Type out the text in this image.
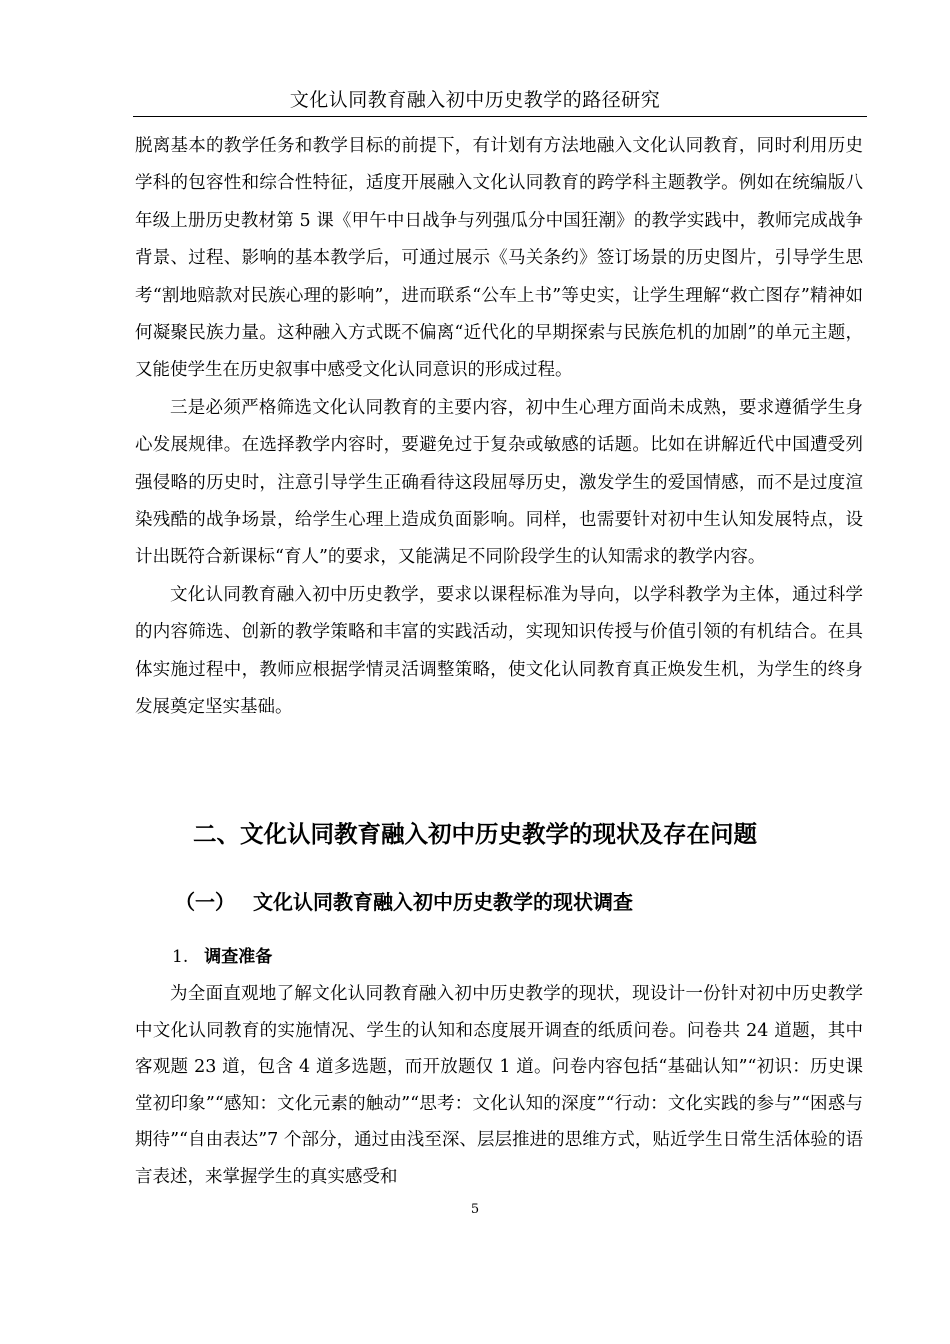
文化认同教育融入初中历史教学的路径研究

脱离基本的教学任务和教学目标的前提下，有计划有方法地融入文化认同教育，同时利用历史学科的包容性和综合性特征，适度开展融入文化认同教育的跨学科主题教学。例如在统编版八年级上册历史教材第 5 课《甲午中日战争与列强瓜分中国狂潮》的教学实践中，教师完成战争背景、过程、影响的基本教学后，可通过展示《马关条约》签订场景的历史图片，引导学生思考“割地赔款对民族心理的影响”，进而联系“公车上书”等史实，让学生理解“救亡图存”精神如何凝聚民族力量。这种融入方式既不偏离“近代化的早期探索与民族危机的加剧”的单元主题，又能使学生在历史叙事中感受文化认同意识的形成过程。

三是必须严格筛选文化认同教育的主要内容，初中生心理方面尚未成熟，要求遵循学生身心发展规律。在选择教学内容时，要避免过于复杂或敏感的话题。比如在讲解近代中国遭受列强侵略的历史时，注意引导学生正确看待这段屈辱历史，激发学生的爱国情感，而不是过度渲染残酷的战争场景，给学生心理上造成负面影响。同样，也需要针对初中生认知发展特点，设计出既符合新课标“育人”的要求，又能满足不同阶段学生的认知需求的教学内容。

文化认同教育融入初中历史教学，要求以课程标准为导向，以学科教学为主体，通过科学的内容筛选、创新的教学策略和丰富的实践活动，实现知识传授与价值引领的有机结合。在具体实施过程中，教师应根据学情灵活调整策略，使文化认同教育真正焕发生机，为学生的终身发展奠定坚实基础。

二、文化认同教育融入初中历史教学的现状及存在问题
（一） 文化认同教育融入初中历史教学的现状调查
1. 调查准备

为全面直观地了解文化认同教育融入初中历史教学的现状，现设计一份针对初中历史教学中文化认同教育的实施情况、学生的认知和态度展开调查的纸质问卷。问卷共 24 道题，其中客观题 23 道，包含 4 道多选题，而开放题仅 1 道。问卷内容包括“基础认知”“初识：历史课堂初印象”“感知：文化元素的触动”“思考：文化认知的深度”“行动：文化实践的参与”“困惑与期待”“自由表达”7 个部分，通过由浅至深、层层推进的思维方式，贴近学生日常生活体验的语言表述，来掌握学生的真实感受和

5
